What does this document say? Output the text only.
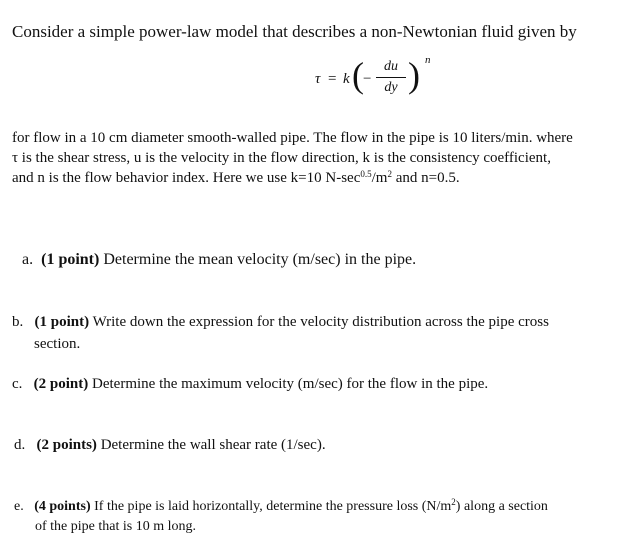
Consider a simple power-law model that describes a non-Newtonian fluid given by
τ = k ( −
du
dy ) n
for flow in a 10 cm diameter smooth-walled pipe. The flow in the pipe is 10 liters/min. where
τ is the shear stress, u is the velocity in the flow direction, k is the consistency coefficient,
and n is the flow behavior index. Here we use k=10 $N-\sec^{0.5}/m^2$ and n=0.5.
a. (1 point) Determine the mean velocity (m/sec) in the pipe.
b. (1 point) Write down the expression for the velocity distribution across the pipe cross
section.
c. (2 point) Determine the maximum velocity (m/sec) for the flow in the pipe.
d. (2 points) Determine the wall shear rate (1/sec).
e. (4 points) If the pipe is laid horizontally, determine the pressure loss $(N/m^2)$ along a section
of the pipe that is 10 m long.
